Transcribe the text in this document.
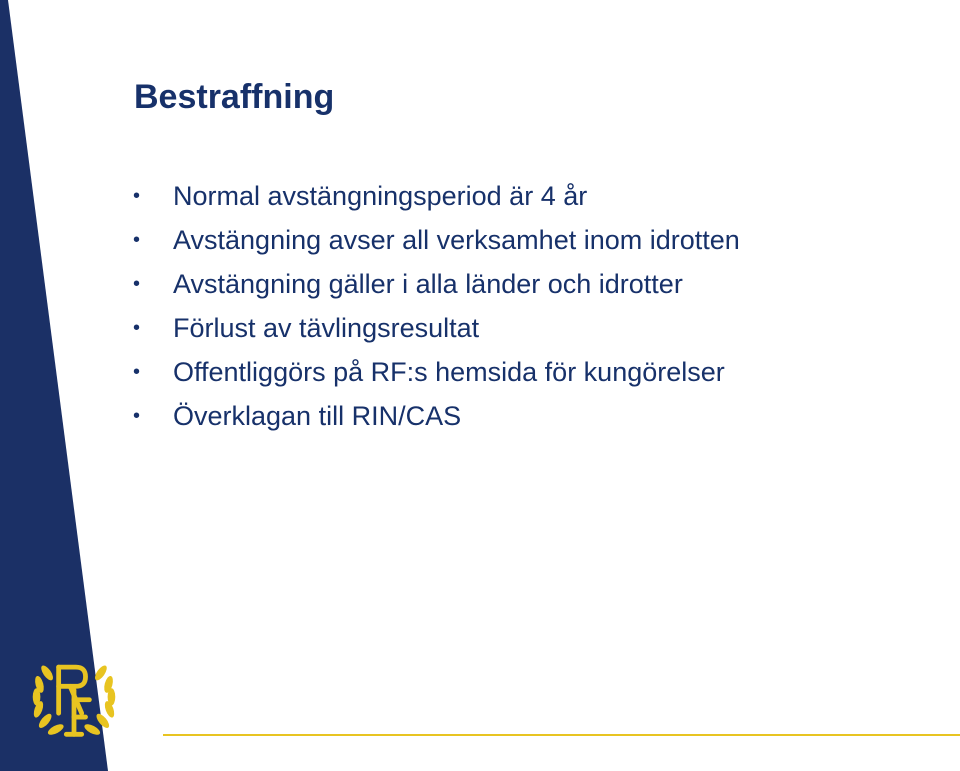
Bestraffning
• Normal avstängningsperiod är 4 år
• Avstängning avser all verksamhet inom idrotten
• Avstängning gäller i alla länder och idrotter
• Förlust av tävlingsresultat
• Offentliggörs på RF:s hemsida för kungörelser
• Överklagan till RIN/CAS
